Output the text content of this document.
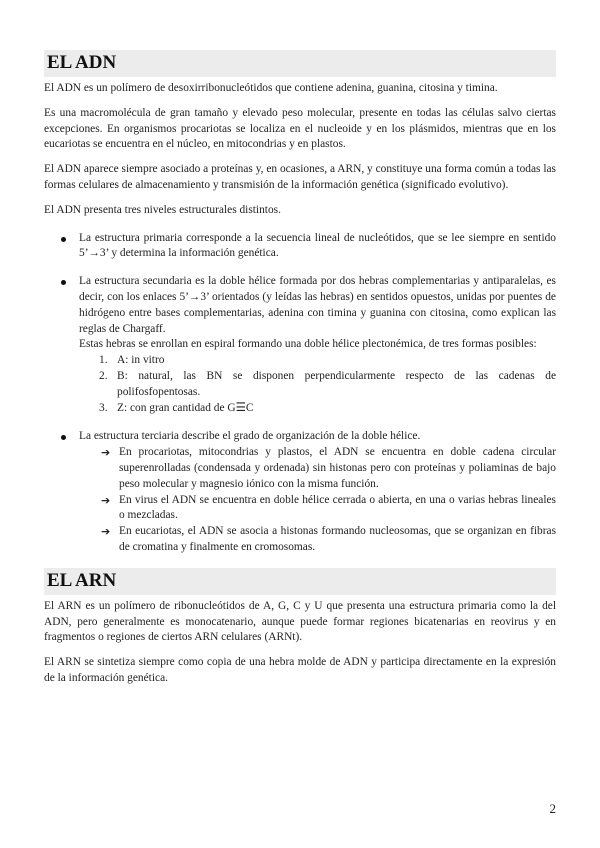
EL ADN

El ADN es un polímero de desoxirribonucleótidos que contiene adenina, guanina, citosina y timina.

Es una macromolécula de gran tamaño y elevado peso molecular, presente en todas las células salvo ciertas excepciones. En organismos procariotas se localiza en el nucleoide y en los plásmidos, mientras que en los eucariotas se encuentra en el núcleo, en mitocondrias y en plastos.

El ADN aparece siempre asociado a proteínas y, en ocasiones, a ARN, y constituye una forma común a todas las formas celulares de almacenamiento y transmisión de la información genética (significado evolutivo).

El ADN presenta tres niveles estructurales distintos.

La estructura primaria corresponde a la secuencia lineal de nucleótidos, que se lee siempre en sentido 5’→3’ y determina la información genética.

La estructura secundaria es la doble hélice formada por dos hebras complementarias y antiparalelas, es decir, con los enlaces 5’→3’ orientados (y leídas las hebras) en sentidos opuestos, unidas por puentes de hidrógeno entre bases complementarias, adenina con timina y guanina con citosina, como explican las reglas de Chargaff.

Estas hebras se enrollan en espiral formando una doble hélice plectonémica, de tres formas posibles:

1. A: in vitro
2. B: natural, las BN se disponen perpendicularmente respecto de las cadenas de polifosfopentosas.
3. Z: con gran cantidad de G☰C

La estructura terciaria describe el grado de organización de la doble hélice.

➔ En procariotas, mitocondrias y plastos, el ADN se encuentra en doble cadena circular superenrolladas (condensada y ordenada) sin histonas pero con proteínas y poliaminas de bajo peso molecular y magnesio iónico con la misma función.
➔ En virus el ADN se encuentra en doble hélice cerrada o abierta, en una o varias hebras lineales o mezcladas.
➔ En eucariotas, el ADN se asocia a histonas formando nucleosomas, que se organizan en fibras de cromatina y finalmente en cromosomas.
EL ARN

El ARN es un polímero de ribonucleótidos de A, G, C y U que presenta una estructura primaria como la del ADN, pero generalmente es monocatenario, aunque puede formar regiones bicatenarias en reovirus y en fragmentos o regiones de ciertos ARN celulares (ARNt).

El ARN se sintetiza siempre como copia de una hebra molde de ADN y participa directamente en la expresión de la información genética.

2
